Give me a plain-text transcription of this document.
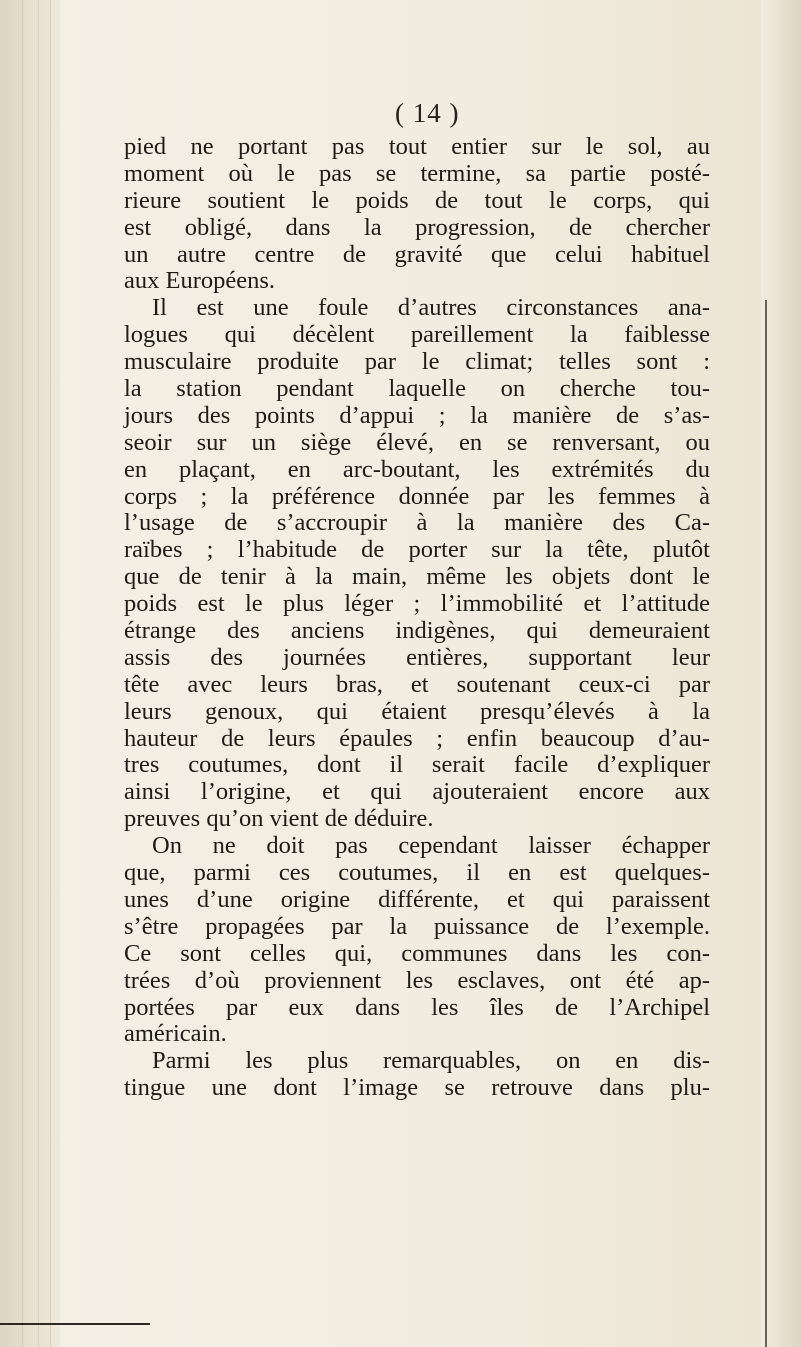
( 14 )
pied ne portant pas tout entier sur le sol, au
moment où le pas se termine, sa partie posté-
rieure soutient le poids de tout le corps, qui
est obligé, dans la progression, de chercher
un autre centre de gravité que celui habituel
aux Européens.
Il est une foule d’autres circonstances ana-
logues qui décèlent pareillement la faiblesse
musculaire produite par le climat; telles sont :
la station pendant laquelle on cherche tou-
jours des points d’appui ; la manière de s’as-
seoir sur un siège élevé, en se renversant, ou
en plaçant, en arc-boutant, les extrémités du
corps ; la préférence donnée par les femmes à
l’usage de s’accroupir à la manière des Ca-
raïbes ; l’habitude de porter sur la tête, plutôt
que de tenir à la main, même les objets dont le
poids est le plus léger ; l’immobilité et l’attitude
étrange des anciens indigènes, qui demeuraient
assis des journées entières, supportant leur
tête avec leurs bras, et soutenant ceux-ci par
leurs genoux, qui étaient presqu’élevés à la
hauteur de leurs épaules ; enfin beaucoup d’au-
tres coutumes, dont il serait facile d’expliquer
ainsi l’origine, et qui ajouteraient encore aux
preuves qu’on vient de déduire.
On ne doit pas cependant laisser échapper
que, parmi ces coutumes, il en est quelques-
unes d’une origine différente, et qui paraissent
s’être propagées par la puissance de l’exemple.
Ce sont celles qui, communes dans les con-
trées d’où proviennent les esclaves, ont été ap-
portées par eux dans les îles de l’Archipel
américain.
Parmi les plus remarquables, on en dis-
tingue une dont l’image se retrouve dans plu-
